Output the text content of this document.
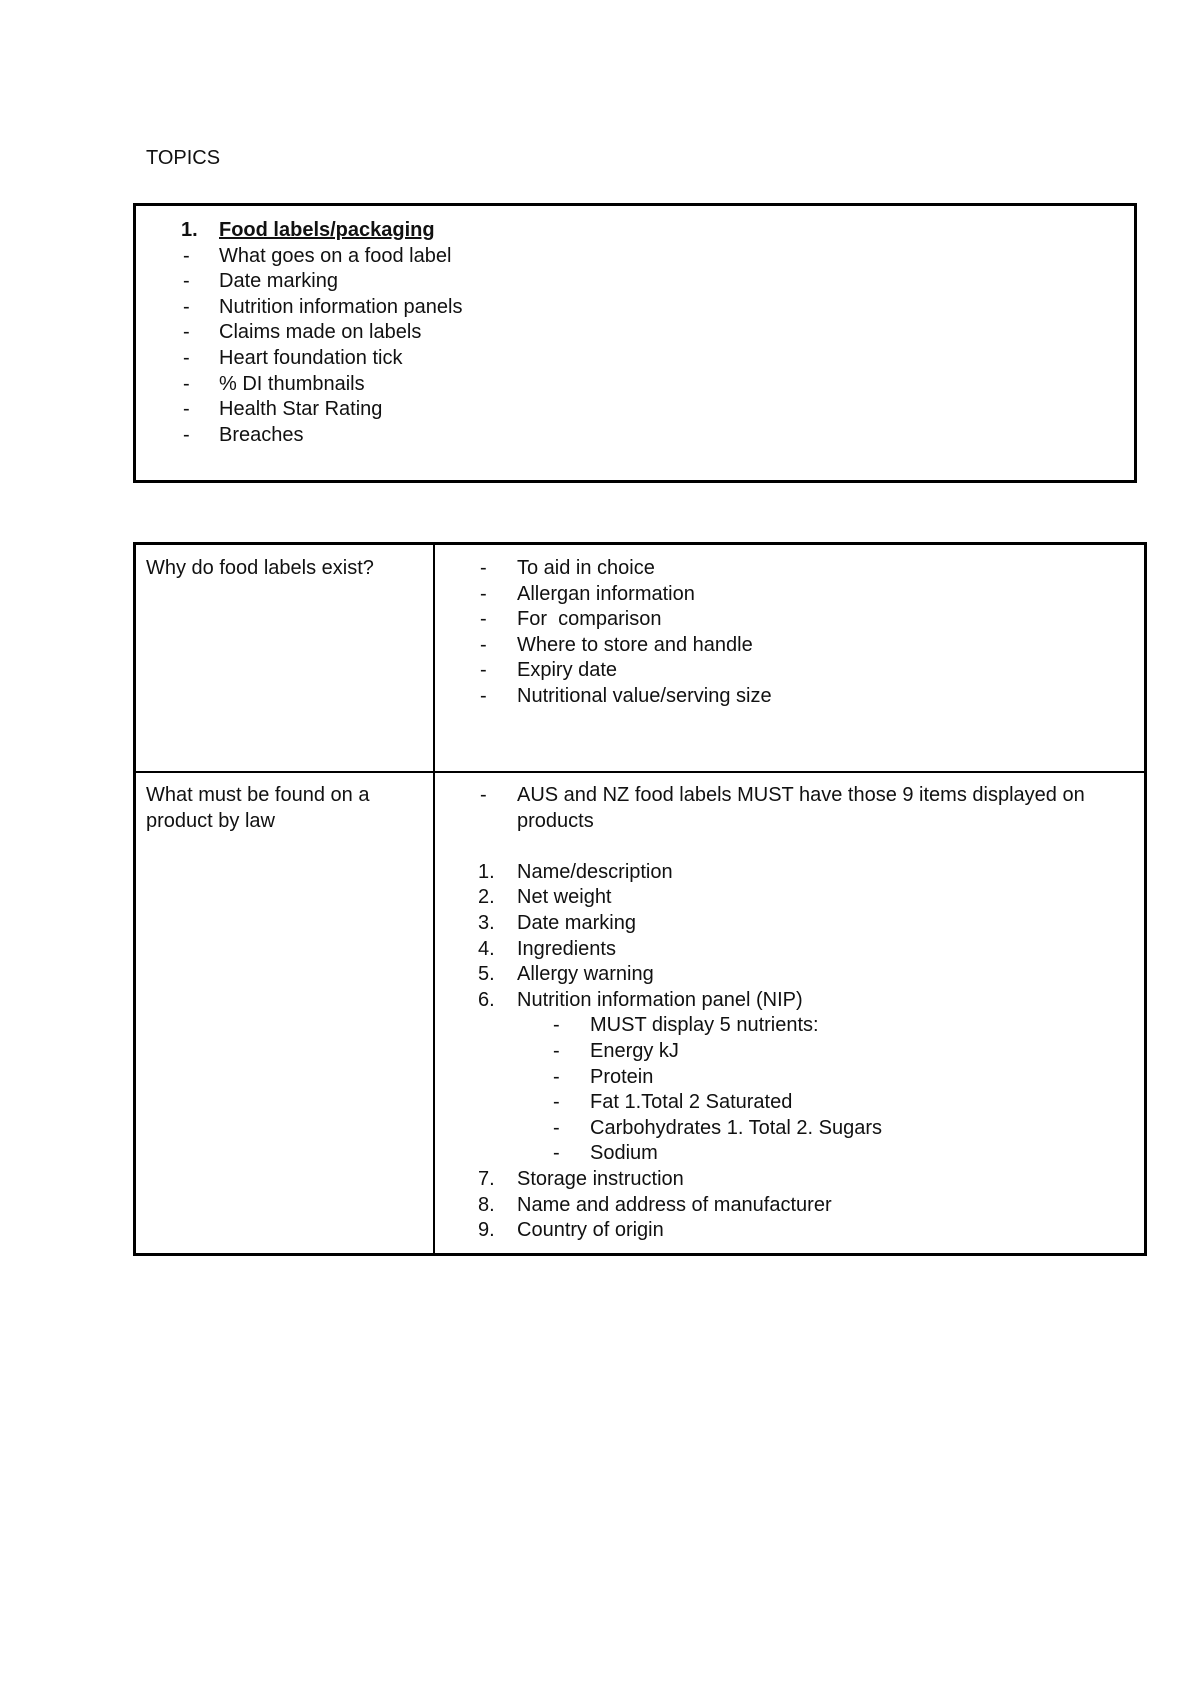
TOPICS
1. Food labels/packaging
- What goes on a food label
- Date marking
- Nutrition information panels
- Claims made on labels
- Heart foundation tick
- % DI thumbnails
- Health Star Rating
- Breaches
Why do food labels exist?	- To aid in choice
- Allergan information
- For  comparison
- Where to store and handle
- Expiry date
- Nutritional value/serving size
What must be found on a product by law
- AUS and NZ food labels MUST have those 9 items displayed on products
1. Name/description
2. Net weight
3. Date marking
4. Ingredients
5. Allergy warning
6. Nutrition information panel (NIP)
- MUST display 5 nutrients:
- Energy kJ
- Protein
- Fat 1.Total 2 Saturated
- Carbohydrates 1. Total 2. Sugars
- Sodium
7. Storage instruction
8. Name and address of manufacturer
9. Country of origin
